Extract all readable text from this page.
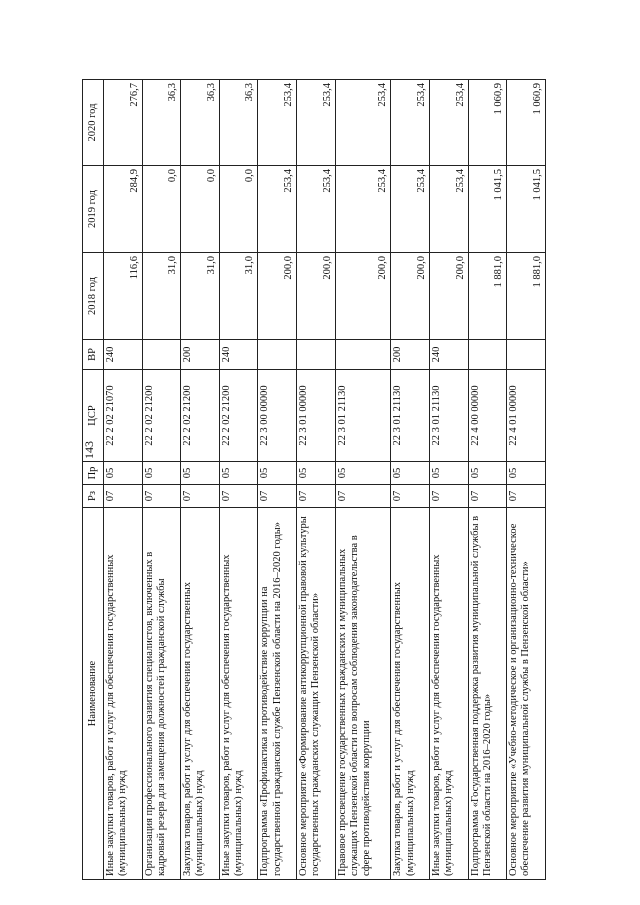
143
Наименование	Рз	Пр	ЦСР	ВР	2018 год	2019 год	2020 год
Иные закупки товаров, работ и услуг для обеспечения государственных (муниципальных) нужд	07	05	22 2 02 21070	240	116,6	284,9	276,7
Организация профессионального развития специалистов, включенных в кадровый резерв для замещения должностей гражданской службы	07	05	22 2 02 21200		31,0	0,0	36,3
Закупка товаров, работ и услуг для обеспечения государственных (муниципальных) нужд	07	05	22 2 02 21200	200	31,0	0,0	36,3
Иные закупки товаров, работ и услуг для обеспечения государственных (муниципальных) нужд	07	05	22 2 02 21200	240	31,0	0,0	36,3
Подпрограмма «Профилактика и противодействие коррупции на государственной гражданской службе Пензенской области на 2016–2020 годы»	07	05	22 3 00 00000		200,0	253,4	253,4
Основное мероприятие «Формирование антикоррупционной правовой культуры государственных гражданских служащих Пензенской области»	07	05	22 3 01 00000		200,0	253,4	253,4
Правовое просвещение государственных гражданских и муниципальных служащих Пензенской области по вопросам соблюдения законодательства в сфере противодействия коррупции	07	05	22 3 01 21130		200,0	253,4	253,4
Закупка товаров, работ и услуг для обеспечения государственных (муниципальных) нужд	07	05	22 3 01 21130	200	200,0	253,4	253,4
Иные закупки товаров, работ и услуг для обеспечения государственных (муниципальных) нужд	07	05	22 3 01 21130	240	200,0	253,4	253,4
Подпрограмма «Государственная поддержка развития муниципальной службы в Пензенской области на 2016–2020 годы»	07	05	22 4 00 00000		1 881,0	1 041,5	1 060,9
Основное мероприятие «Учебно-методическое и организационно-техническое обеспечение развития муниципальной службы в Пензенской области»	07	05	22 4 01 00000		1 881,0	1 041,5	1 060,9
